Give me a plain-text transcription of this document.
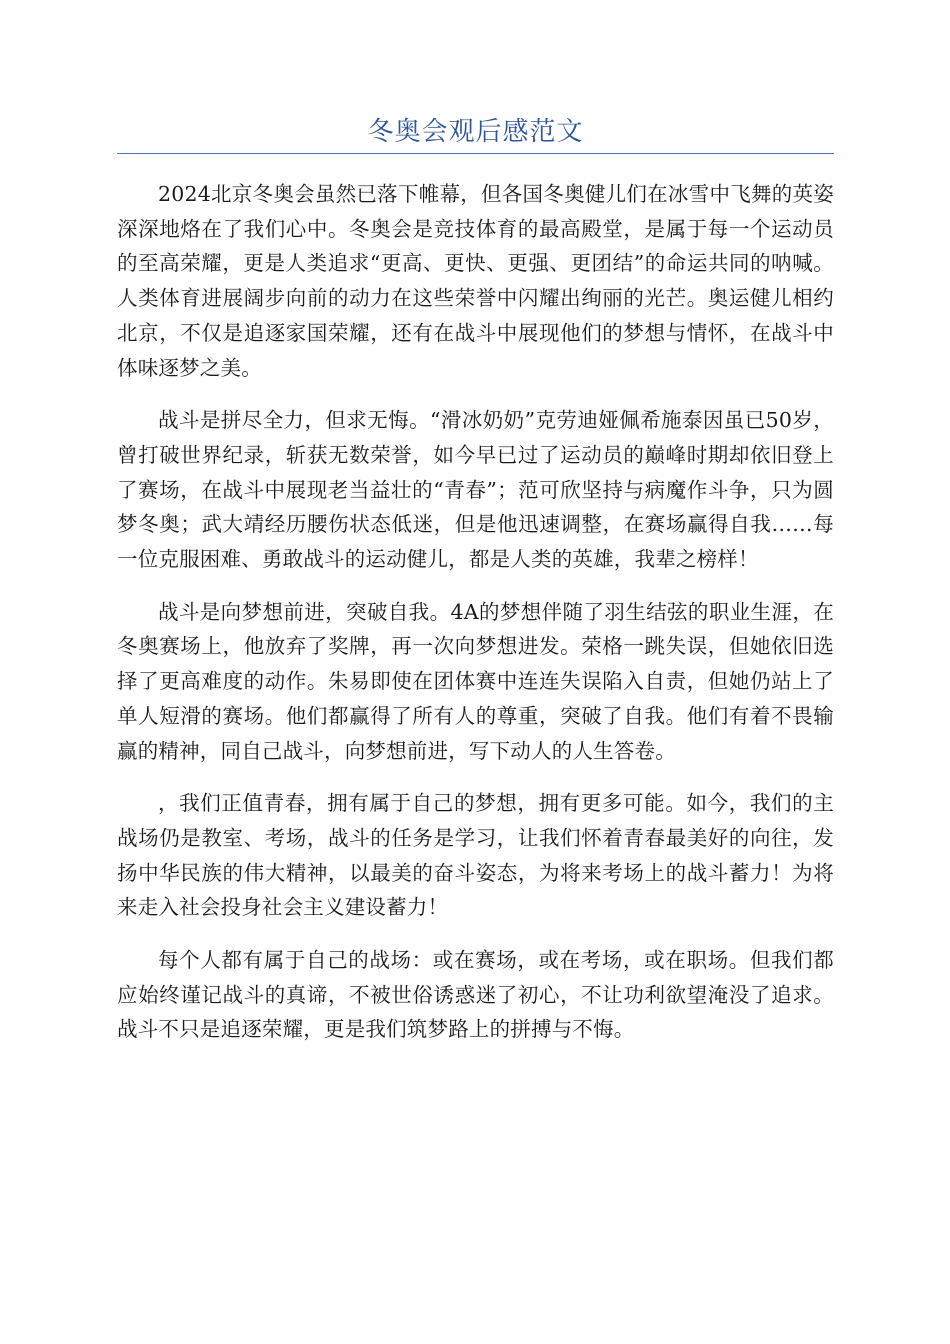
冬奥会观后感范文

2024北京冬奥会虽然已落下帷幕，但各国冬奥健儿们在冰雪中飞舞的英姿深深地烙在了我们心中。冬奥会是竞技体育的最高殿堂，是属于每一个运动员的至高荣耀，更是人类追求“更高、更快、更强、更团结”的命运共同的呐喊。人类体育进展阔步向前的动力在这些荣誉中闪耀出绚丽的光芒。奥运健儿相约北京，不仅是追逐家国荣耀，还有在战斗中展现他们的梦想与情怀，在战斗中体味逐梦之美。

战斗是拼尽全力，但求无悔。“滑冰奶奶”克劳迪娅佩希施泰因虽已50岁，曾打破世界纪录，斩获无数荣誉，如今早已过了运动员的巅峰时期却依旧登上了赛场，在战斗中展现老当益壮的“青春”；范可欣坚持与病魔作斗争，只为圆梦冬奥；武大靖经历腰伤状态低迷，但是他迅速调整，在赛场赢得自我……每一位克服困难、勇敢战斗的运动健儿，都是人类的英雄，我辈之榜样！

战斗是向梦想前进，突破自我。4A的梦想伴随了羽生结弦的职业生涯，在冬奥赛场上，他放弃了奖牌，再一次向梦想进发。荣格一跳失误，但她依旧选择了更高难度的动作。朱易即使在团体赛中连连失误陷入自责，但她仍站上了单人短滑的赛场。他们都赢得了所有人的尊重，突破了自我。他们有着不畏输赢的精神，同自己战斗，向梦想前进，写下动人的人生答卷。

，我们正值青春，拥有属于自己的梦想，拥有更多可能。如今，我们的主战场仍是教室、考场，战斗的任务是学习，让我们怀着青春最美好的向往，发扬中华民族的伟大精神，以最美的奋斗姿态，为将来考场上的战斗蓄力！为将来走入社会投身社会主义建设蓄力！

每个人都有属于自己的战场：或在赛场，或在考场，或在职场。但我们都应始终谨记战斗的真谛，不被世俗诱惑迷了初心，不让功利欲望淹没了追求。战斗不只是追逐荣耀，更是我们筑梦路上的拼搏与不悔。
